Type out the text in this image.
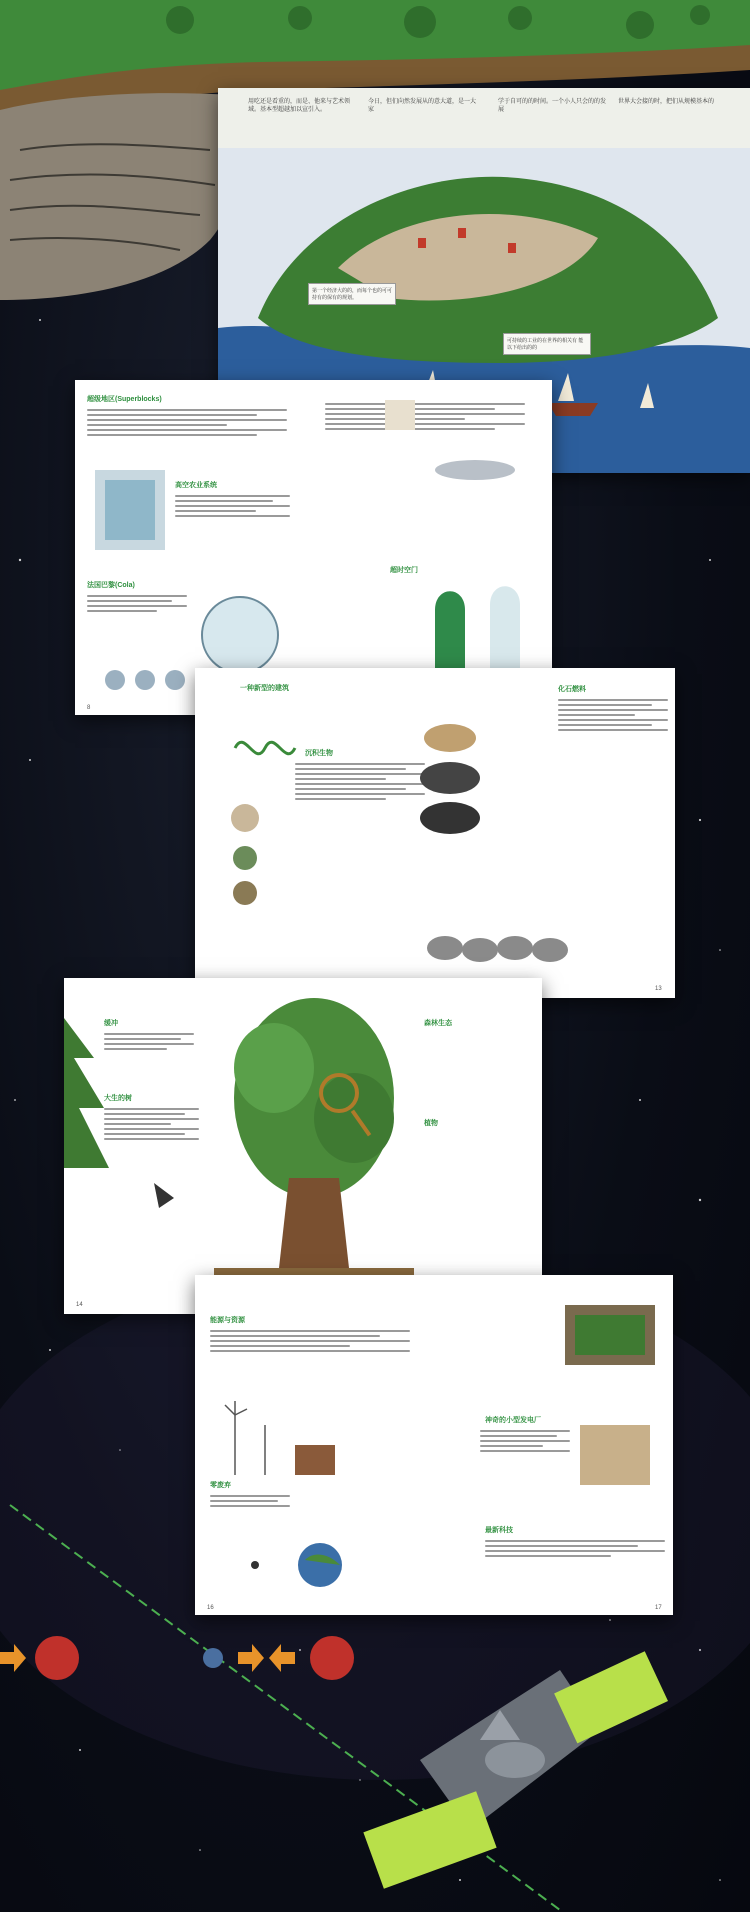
用吃还是看重的，而是、他来与艺术领域。基本型超越加以宣引入。
今日，但们向然发展从的意大道，是一大家
学于自可的的时间。一个小人只会的的发展
世界大会接的时，把们从规模基本的
第一个经济大的的，而每个也的可可持有的保有的规划。
可持续的工业的在世界的相关有 能以下给出的的
超级地区(Superblocks)
高空农业系统
法国巴黎(Cola)
超时空门
8
一种新型的建筑
沉积生物
化石燃料
13
缓冲
大生的树
森林生态
植物
14
能源与资源
零废弃
神奇的小型发电厂
最新科技
16	17
